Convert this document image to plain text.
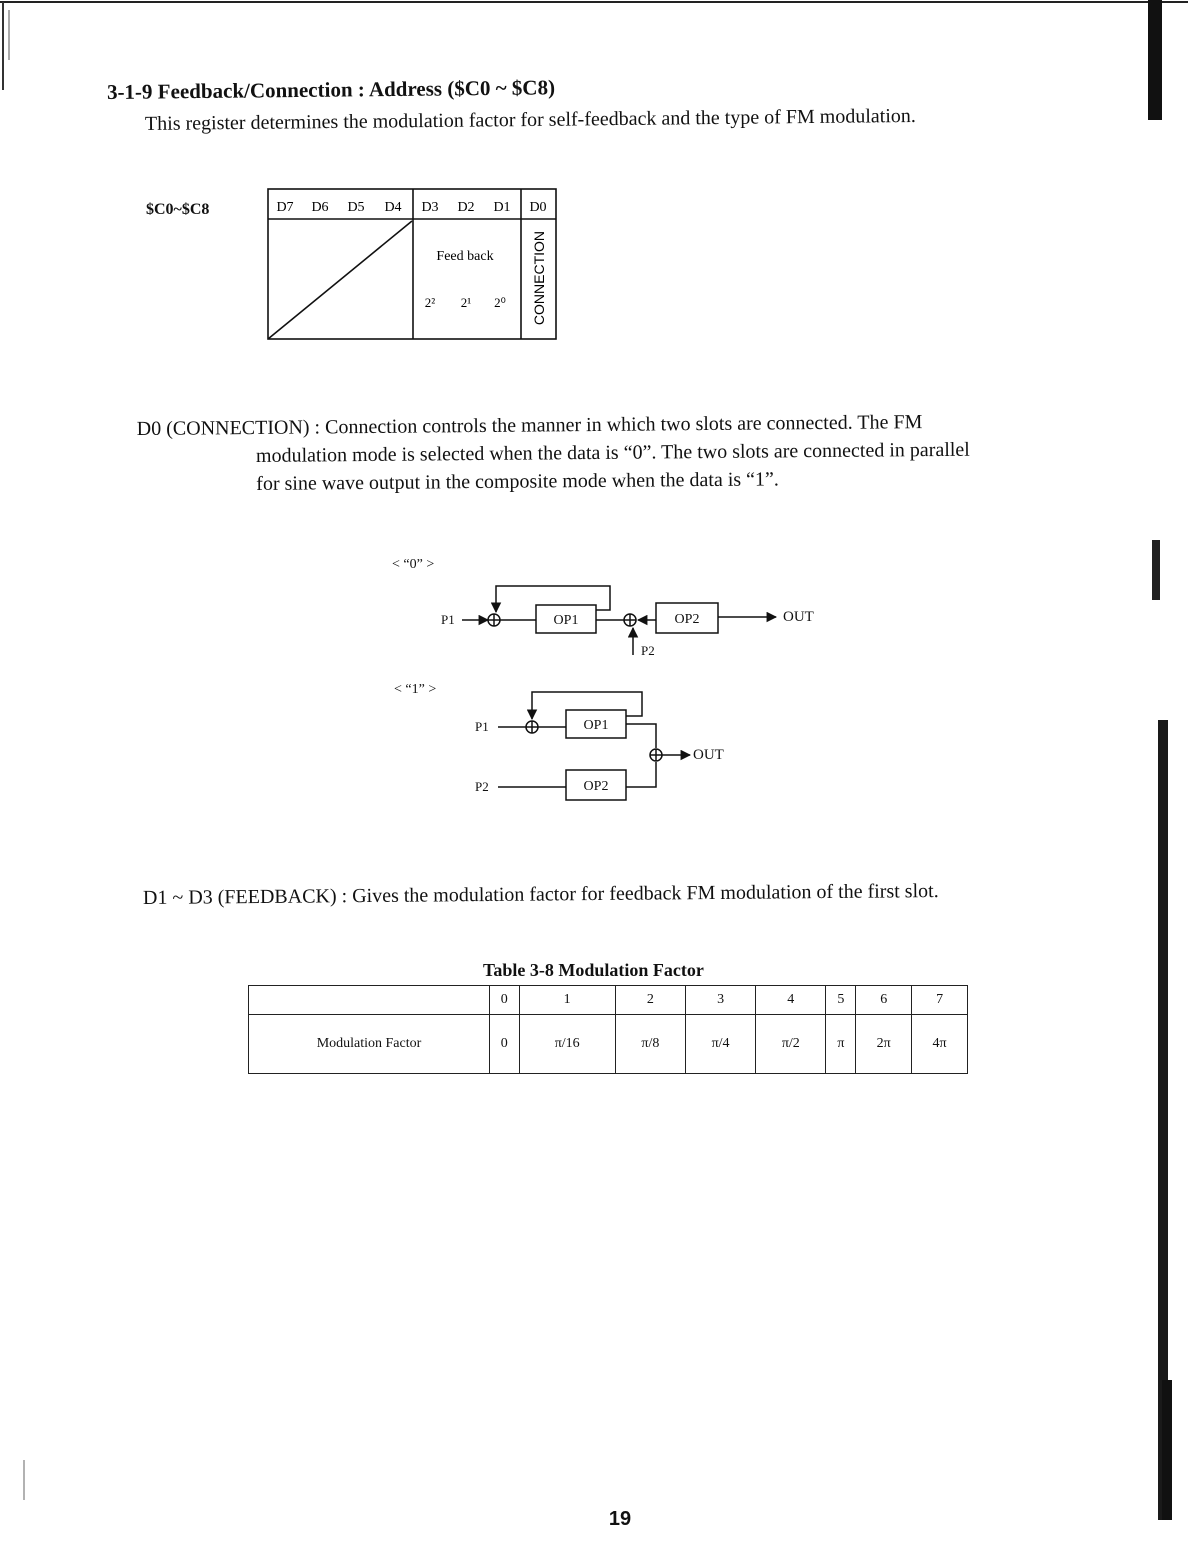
3-1-9 Feedback/Connection : Address ($C0 ~ $C8)
This register determines the modulation factor for self-feedback and the type of FM modulation.
$C0~$C8	D7 D6 D5 D4 D3 D2 D1 D0
Feed back
2² 2¹ 2⁰ CONNECTION
D0 (CONNECTION) : Connection controls the manner in which two slots are connected. The FM
modulation mode is selected when the data is “0”. The two slots are connected in parallel
for sine wave output in the composite mode when the data is “1”.
< “0” >
P1	OP1
P2
OP2	OUT
< “1” >
P1	OP1
P2	OP2
OUT
D1 ~ D3 (FEEDBACK) : Gives the modulation factor for feedback FM modulation of the first slot.
Table 3-8 Modulation Factor
	0	1	2	3	4	5	6	7
Modulation Factor	0	π/16	π/8	π/4	π/2	π	2π	4π
19
